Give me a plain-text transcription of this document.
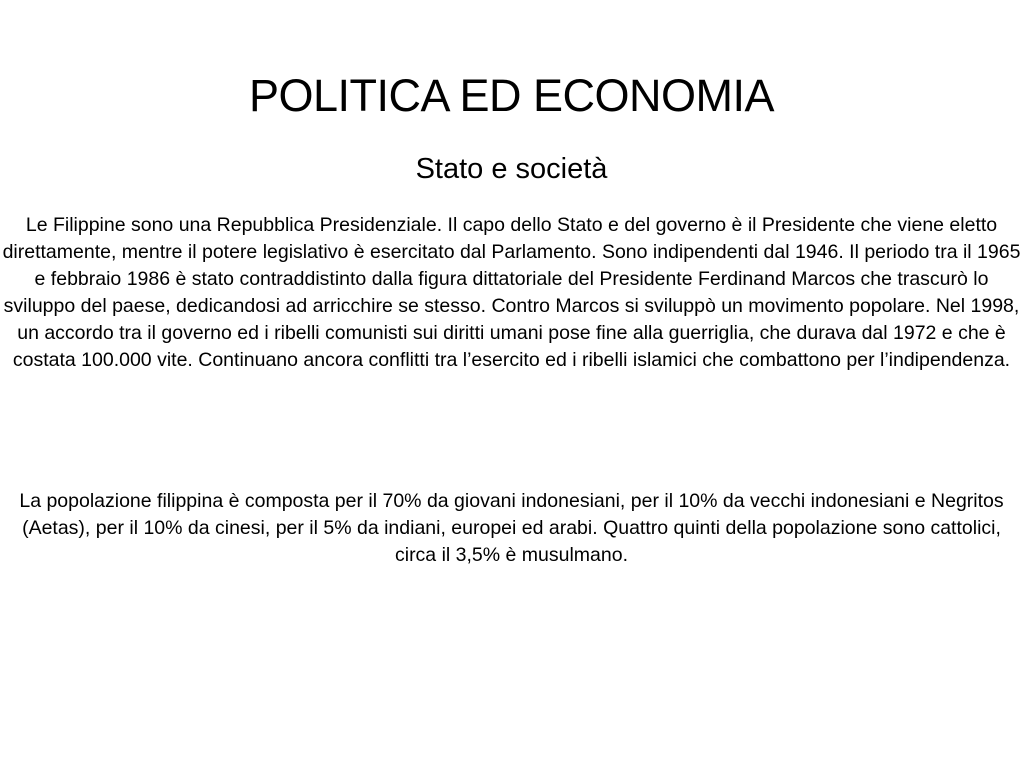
POLITICA ED ECONOMIA
Stato e società

Le Filippine sono una Repubblica Presidenziale. Il capo dello Stato e del governo è il Presidente che viene eletto direttamente, mentre il potere legislativo è esercitato dal Parlamento. Sono indipendenti dal 1946. Il periodo tra il 1965 e febbraio 1986 è stato contraddistinto dalla figura dittatoriale del Presidente Ferdinand Marcos che trascurò lo sviluppo del paese, dedicandosi ad arricchire se stesso. Contro Marcos si sviluppò un movimento popolare. Nel 1998, un accordo tra il governo ed i ribelli comunisti sui diritti umani pose fine alla guerriglia, che durava dal 1972 e che è costata 100.000 vite. Continuano ancora conflitti tra l’esercito ed i ribelli islamici che combattono per l’indipendenza.

La popolazione filippina è composta per il 70% da giovani indonesiani, per il 10% da vecchi indonesiani e Negritos (Aetas), per il 10% da cinesi, per il 5% da indiani, europei ed arabi. Quattro quinti della popolazione sono cattolici, circa il 3,5% è musulmano.
